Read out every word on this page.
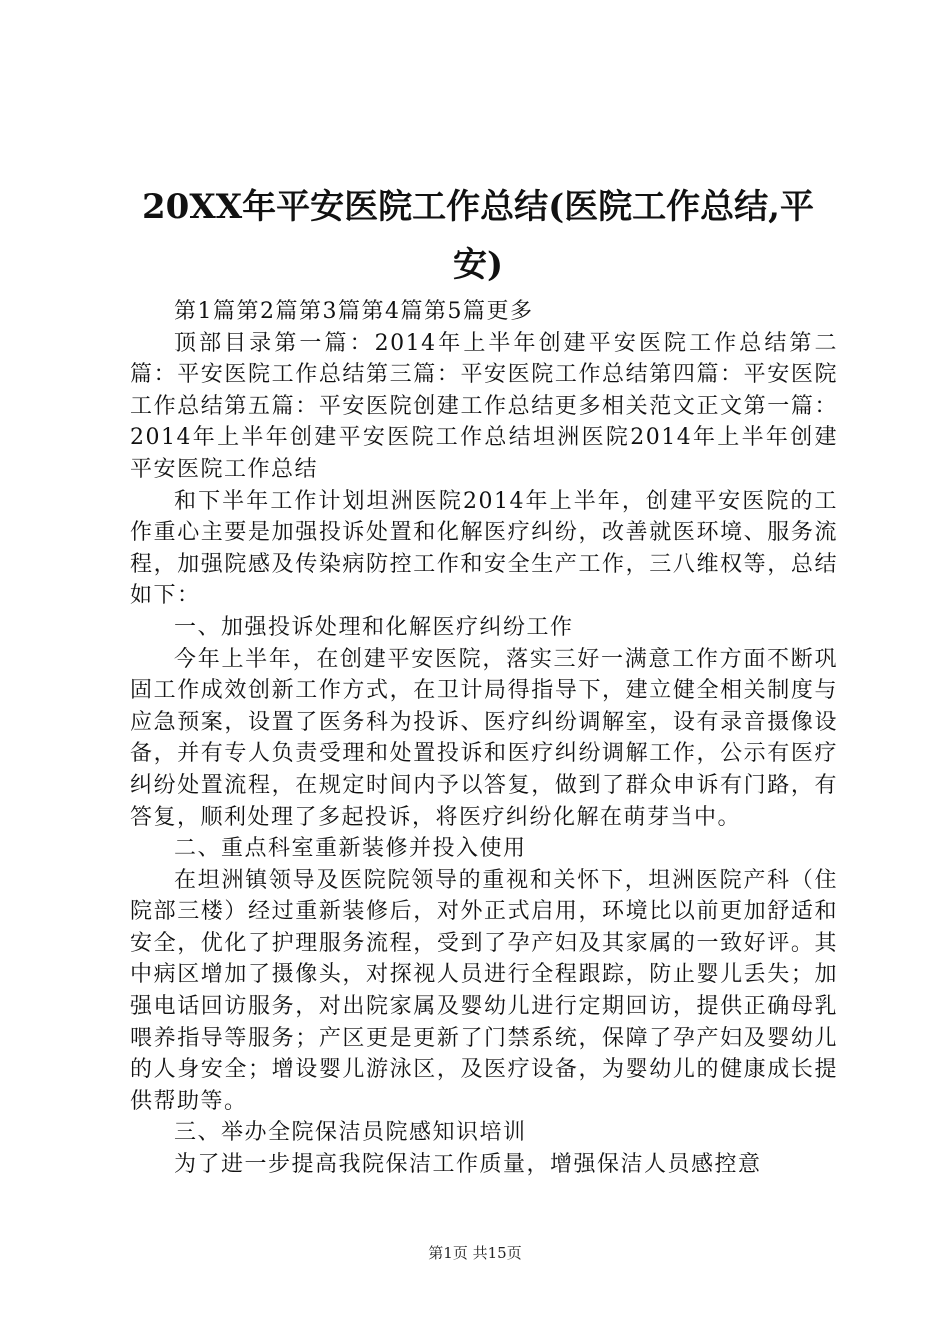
20XX年平安医院工作总结(医院工作总结,平安)

第1篇第2篇第3篇第4篇第5篇更多

顶部目录第一篇：2014年上半年创建平安医院工作总结第二篇：平安医院工作总结第三篇：平安医院工作总结第四篇：平安医院工作总结第五篇：平安医院创建工作总结更多相关范文正文第一篇：2014年上半年创建平安医院工作总结坦洲医院2014年上半年创建平安医院工作总结

和下半年工作计划坦洲医院2014年上半年，创建平安医院的工作重心主要是加强投诉处置和化解医疗纠纷，改善就医环境、服务流程，加强院感及传染病防控工作和安全生产工作，三八维权等，总结如下：

一、加强投诉处理和化解医疗纠纷工作

今年上半年，在创建平安医院，落实三好一满意工作方面不断巩固工作成效创新工作方式，在卫计局得指导下，建立健全相关制度与应急预案，设置了医务科为投诉、医疗纠纷调解室，设有录音摄像设备，并有专人负责受理和处置投诉和医疗纠纷调解工作，公示有医疗纠纷处置流程，在规定时间内予以答复，做到了群众申诉有门路，有答复，顺利处理了多起投诉，将医疗纠纷化解在萌芽当中。

二、重点科室重新装修并投入使用

在坦洲镇领导及医院院领导的重视和关怀下，坦洲医院产科（住院部三楼）经过重新装修后，对外正式启用，环境比以前更加舒适和安全，优化了护理服务流程，受到了孕产妇及其家属的一致好评。其中病区增加了摄像头，对探视人员进行全程跟踪，防止婴儿丢失；加强电话回访服务，对出院家属及婴幼儿进行定期回访，提供正确母乳喂养指导等服务；产区更是更新了门禁系统，保障了孕产妇及婴幼儿的人身安全；增设婴儿游泳区，及医疗设备，为婴幼儿的健康成长提供帮助等。

三、举办全院保洁员院感知识培训

为了进一步提高我院保洁工作质量，增强保洁人员感控意

第1页 共15页
